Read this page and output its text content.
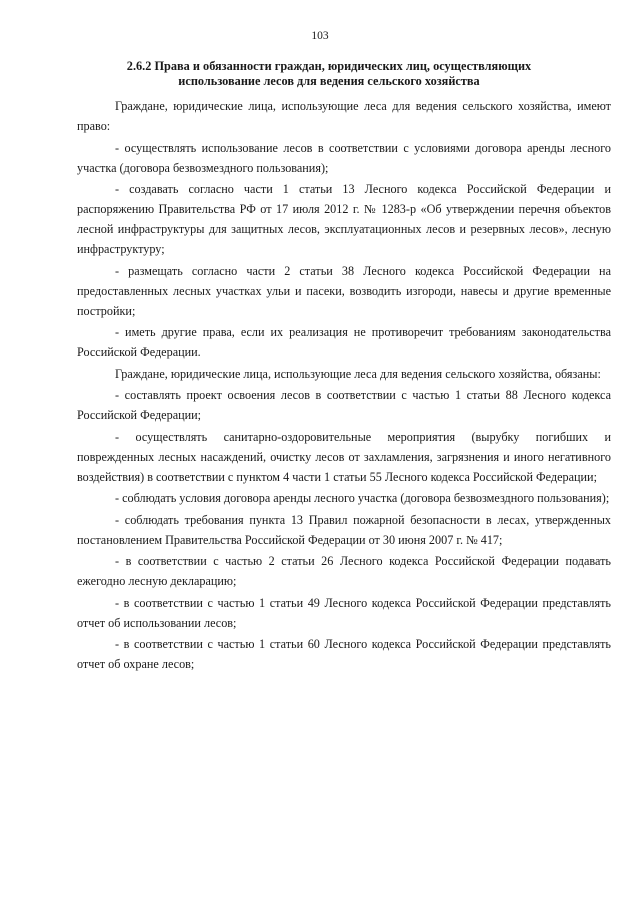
103
2.6.2 Права и обязанности граждан, юридических лиц, осуществляющих
использование лесов для ведения сельского хозяйства

Граждане, юридические лица, использующие леса для ведения сельского хозяйства, имеют право:

- осуществлять использование лесов в соответствии с условиями договора аренды лесного участка (договора безвозмездного пользования);

- создавать согласно части 1 статьи 13 Лесного кодекса Российской Федерации и распоряжению Правительства РФ от 17 июля 2012 г. № 1283-р «Об утверждении перечня объектов лесной инфраструктуры для защитных лесов, эксплуатационных лесов и резервных лесов», лесную инфраструктуру;

- размещать согласно части 2 статьи 38 Лесного кодекса Российской Федерации на предоставленных лесных участках ульи и пасеки, возводить изгороди, навесы и другие временные постройки;

- иметь другие права, если их реализация не противоречит требованиям законодательства Российской Федерации.

Граждане, юридические лица, использующие леса для ведения сельского хозяйства, обязаны:

- составлять проект освоения лесов в соответствии с частью 1 статьи 88 Лесного кодекса Российской Федерации;

- осуществлять санитарно-оздоровительные мероприятия (вырубку погибших и поврежденных лесных насаждений, очистку лесов от захламления, загрязнения и иного негативного воздействия) в соответствии с пунктом 4 части 1 статьи 55 Лесного кодекса Российской Федерации;

- соблюдать условия договора аренды лесного участка (договора безвозмездного пользования);

- соблюдать требования пункта 13 Правил пожарной безопасности в лесах, утвержденных постановлением Правительства Российской Федерации от 30 июня 2007 г. № 417;

- в соответствии с частью 2 статьи 26 Лесного кодекса Российской Федерации подавать ежегодно лесную декларацию;

- в соответствии с частью 1 статьи 49 Лесного кодекса Российской Федерации представлять отчет об использовании лесов;

- в соответствии с частью 1 статьи 60 Лесного кодекса Российской Федерации представлять отчет об охране лесов;
